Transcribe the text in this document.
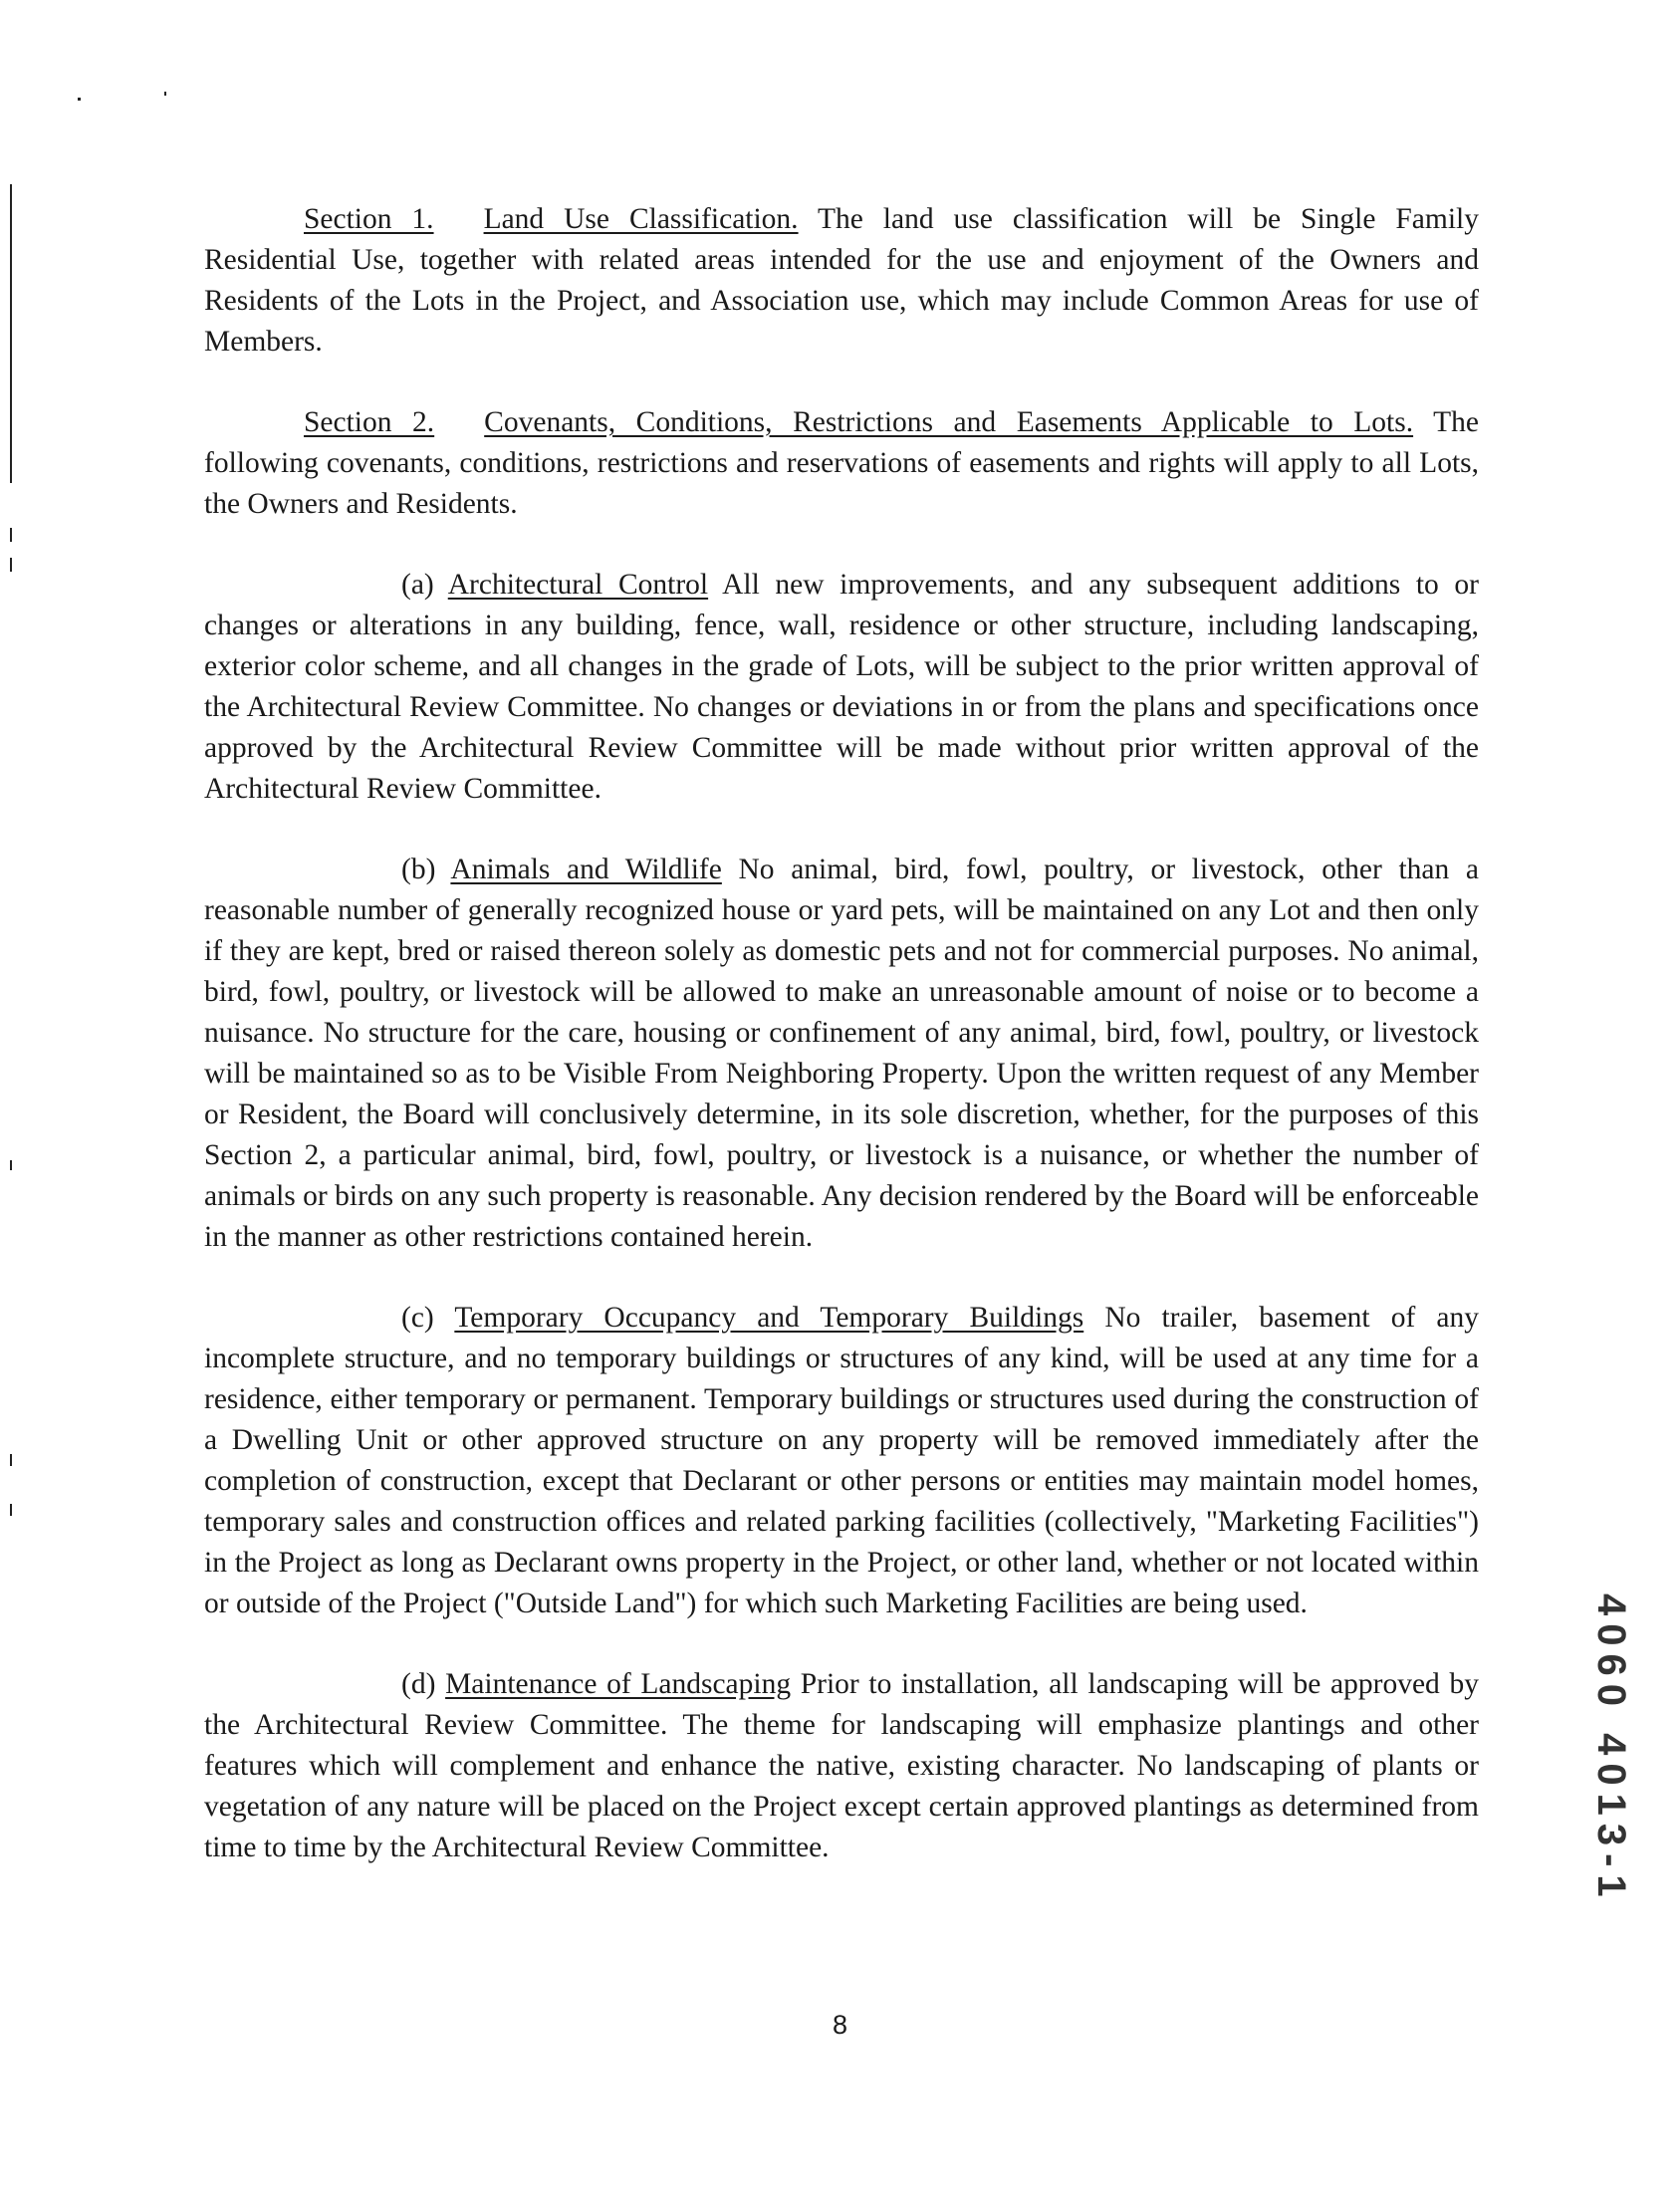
Section 1. Land Use Classification. The land use classification will be Single Family Residential Use, together with related areas intended for the use and enjoyment of the Owners and Residents of the Lots in the Project, and Association use, which may include Common Areas for use of Members.

Section 2. Covenants, Conditions, Restrictions and Easements Applicable to Lots. The following covenants, conditions, restrictions and reservations of easements and rights will apply to all Lots, the Owners and Residents.

(a) Architectural Control All new improvements, and any subsequent additions to or changes or alterations in any building, fence, wall, residence or other structure, including landscaping, exterior color scheme, and all changes in the grade of Lots, will be subject to the prior written approval of the Architectural Review Committee. No changes or deviations in or from the plans and specifications once approved by the Architectural Review Committee will be made without prior written approval of the Architectural Review Committee.

(b) Animals and Wildlife No animal, bird, fowl, poultry, or livestock, other than a reasonable number of generally recognized house or yard pets, will be maintained on any Lot and then only if they are kept, bred or raised thereon solely as domestic pets and not for commercial purposes. No animal, bird, fowl, poultry, or livestock will be allowed to make an unreasonable amount of noise or to become a nuisance. No structure for the care, housing or confinement of any animal, bird, fowl, poultry, or livestock will be maintained so as to be Visible From Neighboring Property. Upon the written request of any Member or Resident, the Board will conclusively determine, in its sole discretion, whether, for the purposes of this Section 2, a particular animal, bird, fowl, poultry, or livestock is a nuisance, or whether the number of animals or birds on any such property is reasonable. Any decision rendered by the Board will be enforceable in the manner as other restrictions contained herein.

(c) Temporary Occupancy and Temporary Buildings No trailer, basement of any incomplete structure, and no temporary buildings or structures of any kind, will be used at any time for a residence, either temporary or permanent. Temporary buildings or structures used during the construction of a Dwelling Unit or other approved structure on any property will be removed immediately after the completion of construction, except that Declarant or other persons or entities may maintain model homes, temporary sales and construction offices and related parking facilities (collectively, "Marketing Facilities") in the Project as long as Declarant owns property in the Project, or other land, whether or not located within or outside of the Project ("Outside Land") for which such Marketing Facilities are being used.

(d) Maintenance of Landscaping Prior to installation, all landscaping will be approved by the Architectural Review Committee. The theme for landscaping will emphasize plantings and other features which will complement and enhance the native, existing character. No landscaping of plants or vegetation of any nature will be placed on the Project except certain approved plantings as determined from time to time by the Architectural Review Committee.

8
4060 4013-1
